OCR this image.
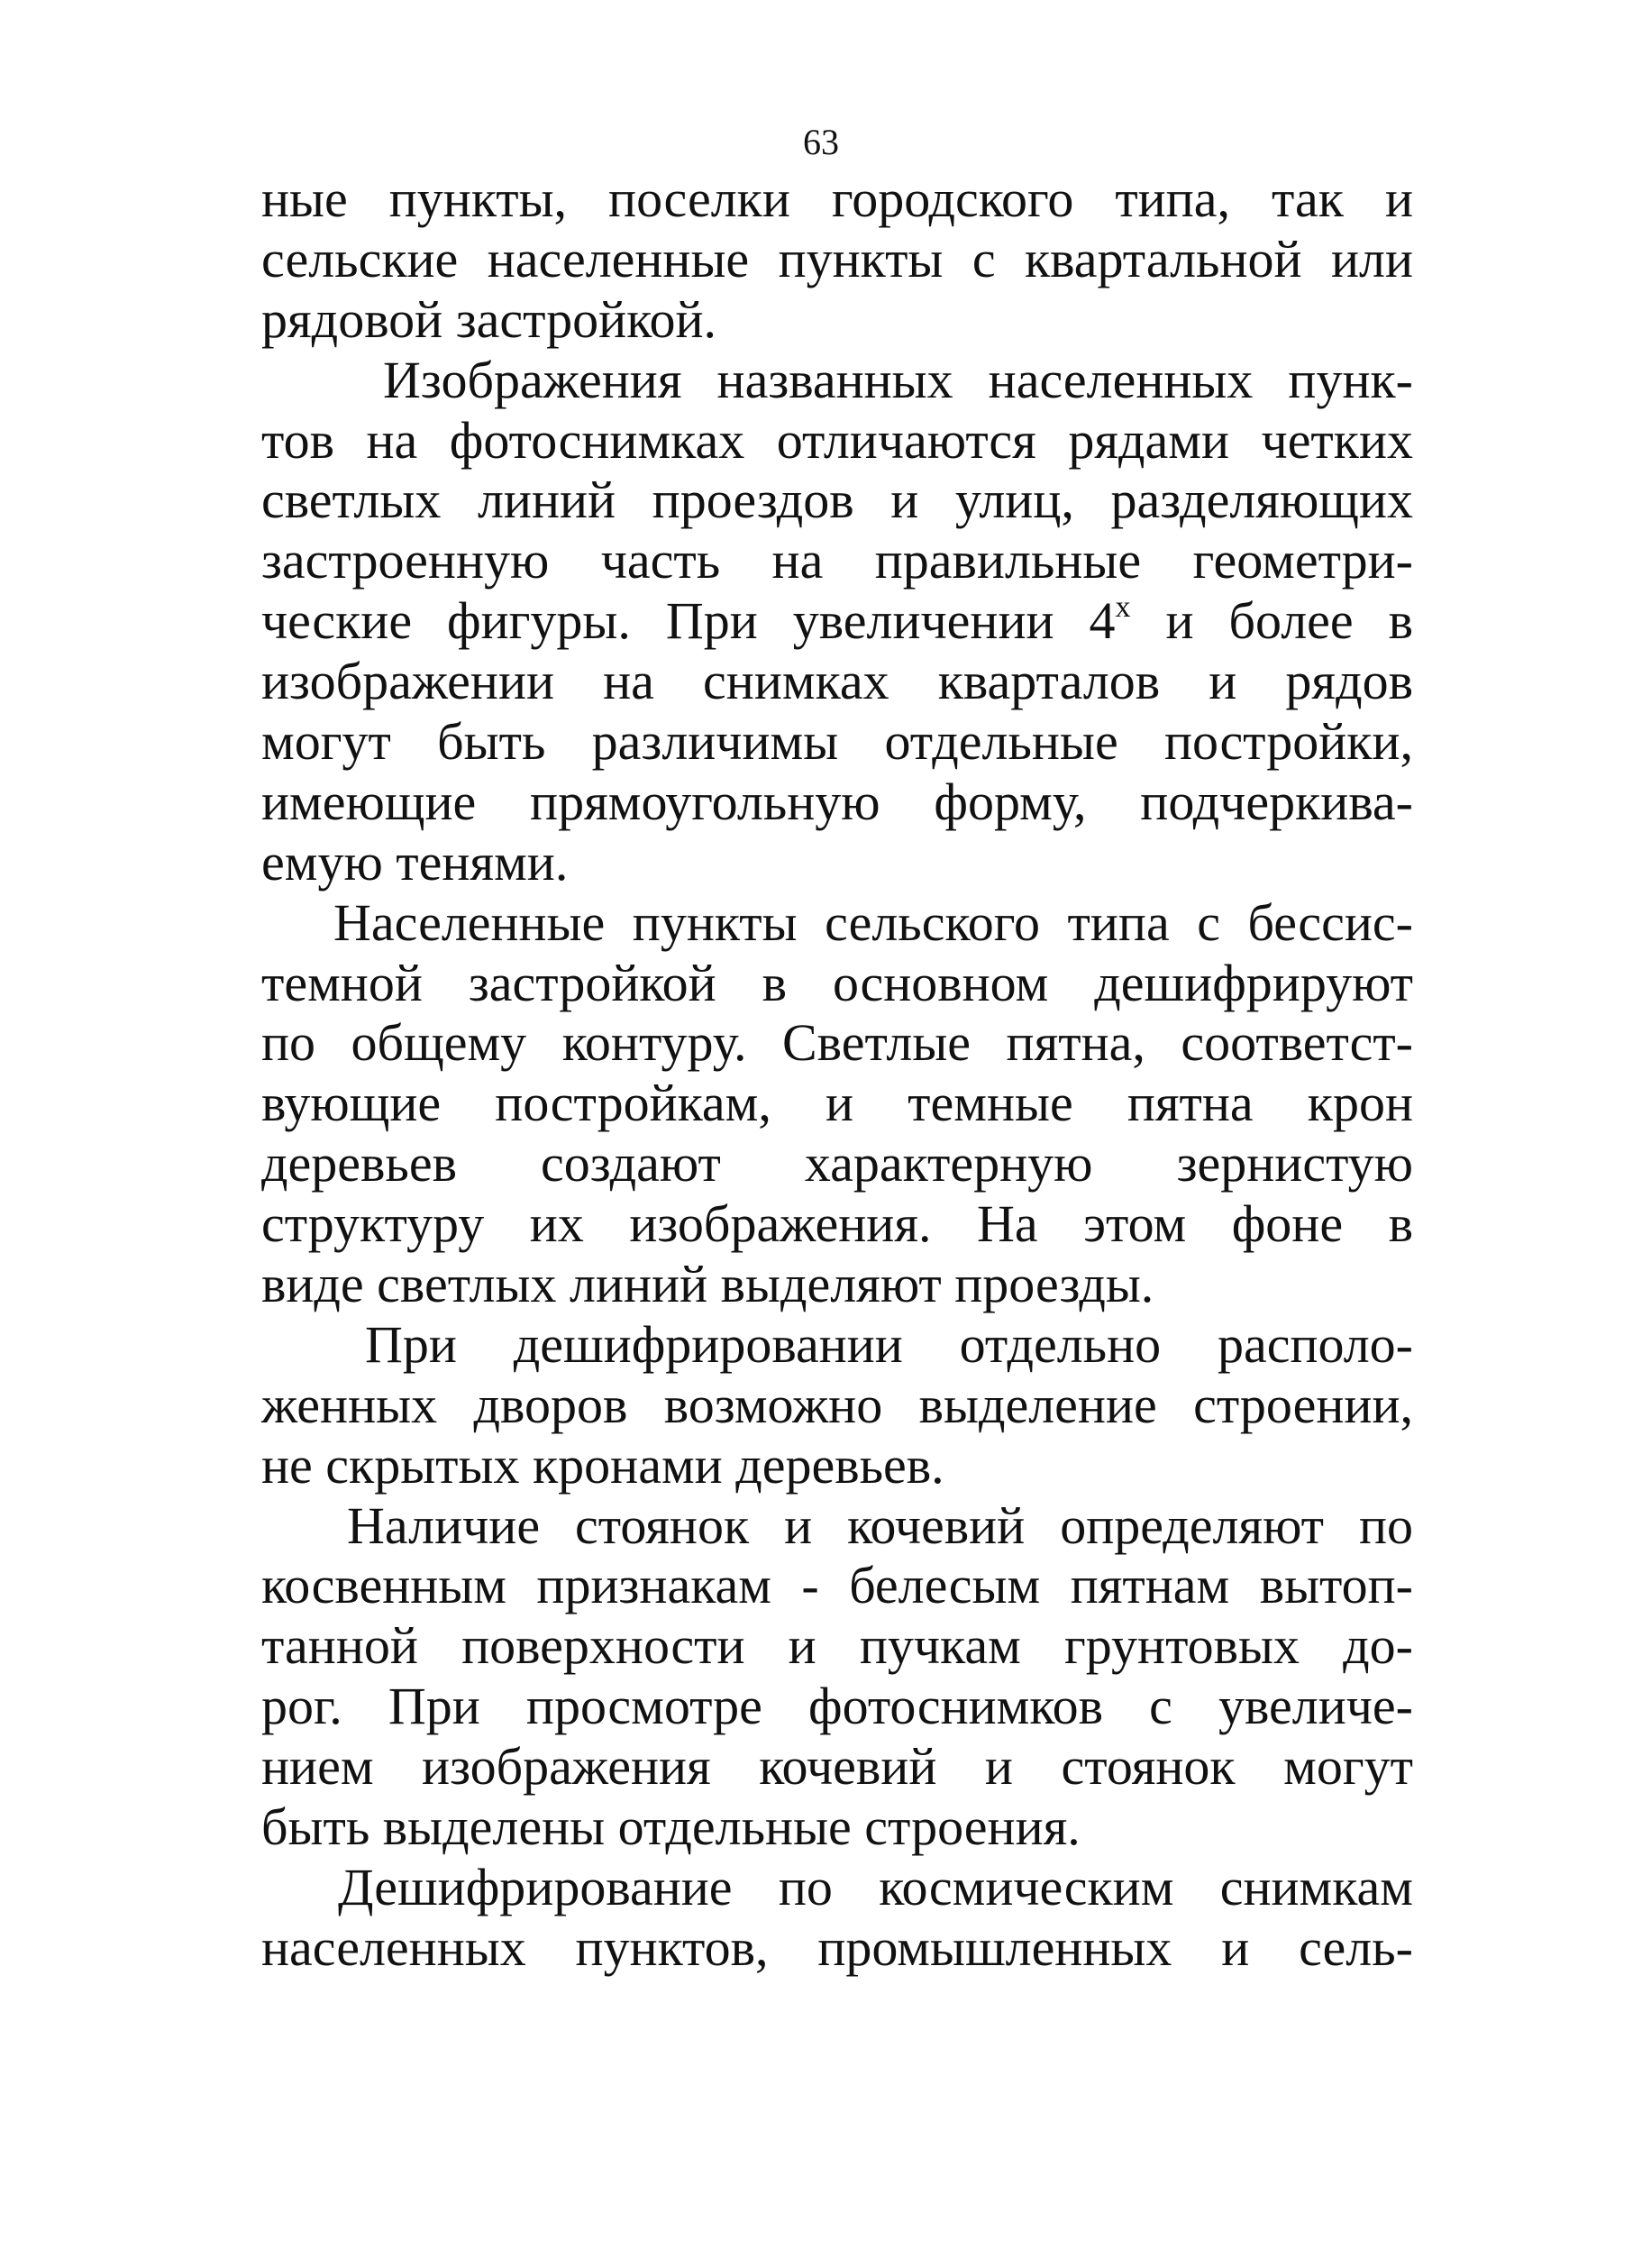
63
ные пункты, поселки городского типа, так и
сельские населенные пункты с квартальной или
рядовой застройкой.
Изображения названных населенных пунк-
тов на фотоснимках отличаются рядами четких
светлых линий проездов и улиц, разделяющих
застроенную часть на правильные геометри-
ческие фигуры. При увеличении 4$^x$ и более в
изображении на снимках кварталов и рядов
могут быть различимы отдельные постройки,
имеющие прямоугольную форму, подчеркива-
емую тенями.
Населенные пункты сельского типа с бессис-
темной застройкой в основном дешифрируют
по общему контуру. Светлые пятна, соответст-
вующие постройкам, и темные пятна крон
деревьев создают характерную зернистую
структуру их изображения. На этом фоне в
виде светлых линий выделяют проезды.
При дешифрировании отдельно располо-
женных дворов возможно выделение строении,
не скрытых кронами деревьев.
Наличие стоянок и кочевий определяют по
косвенным признакам - белесым пятнам вытоп-
танной поверхности и пучкам грунтовых до-
рог. При просмотре фотоснимков с увеличе-
нием изображения кочевий и стоянок могут
быть выделены отдельные строения.
Дешифрирование по космическим снимкам
населенных пунктов, промышленных и сель-
